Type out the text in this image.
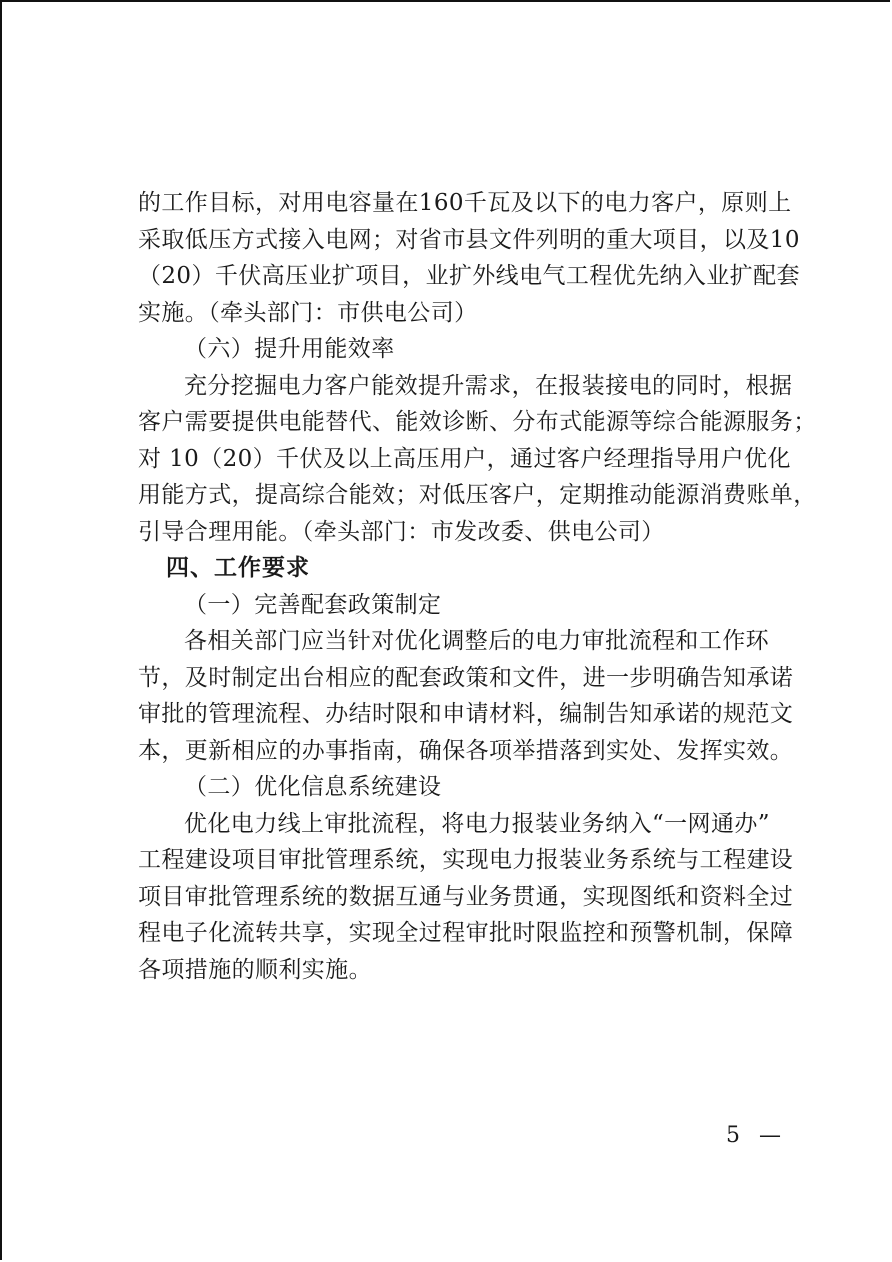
的工作目标，对用电容量在160千瓦及以下的电力客户，原则上
采取低压方式接入电网；对省市县文件列明的重大项目，以及10
（20）千伏高压业扩项目，业扩外线电气工程优先纳入业扩配套
实施。（牵头部门：市供电公司）
（六）提升用能效率
充分挖掘电力客户能效提升需求，在报装接电的同时，根据
客户需要提供电能替代、能效诊断、分布式能源等综合能源服务；
对 10（20）千伏及以上高压用户，通过客户经理指导用户优化
用能方式，提高综合能效；对低压客户，定期推动能源消费账单，
引导合理用能。（牵头部门：市发改委、供电公司）
四、工作要求
（一）完善配套政策制定
各相关部门应当针对优化调整后的电力审批流程和工作环
节，及时制定出台相应的配套政策和文件，进一步明确告知承诺
审批的管理流程、办结时限和申请材料，编制告知承诺的规范文
本，更新相应的办事指南，确保各项举措落到实处、发挥实效。
（二）优化信息系统建设
优化电力线上审批流程，将电力报装业务纳入“一网通办”
工程建设项目审批管理系统，实现电力报装业务系统与工程建设
项目审批管理系统的数据互通与业务贯通，实现图纸和资料全过
程电子化流转共享，实现全过程审批时限监控和预警机制，保障
各项措施的顺利实施。
5 —
